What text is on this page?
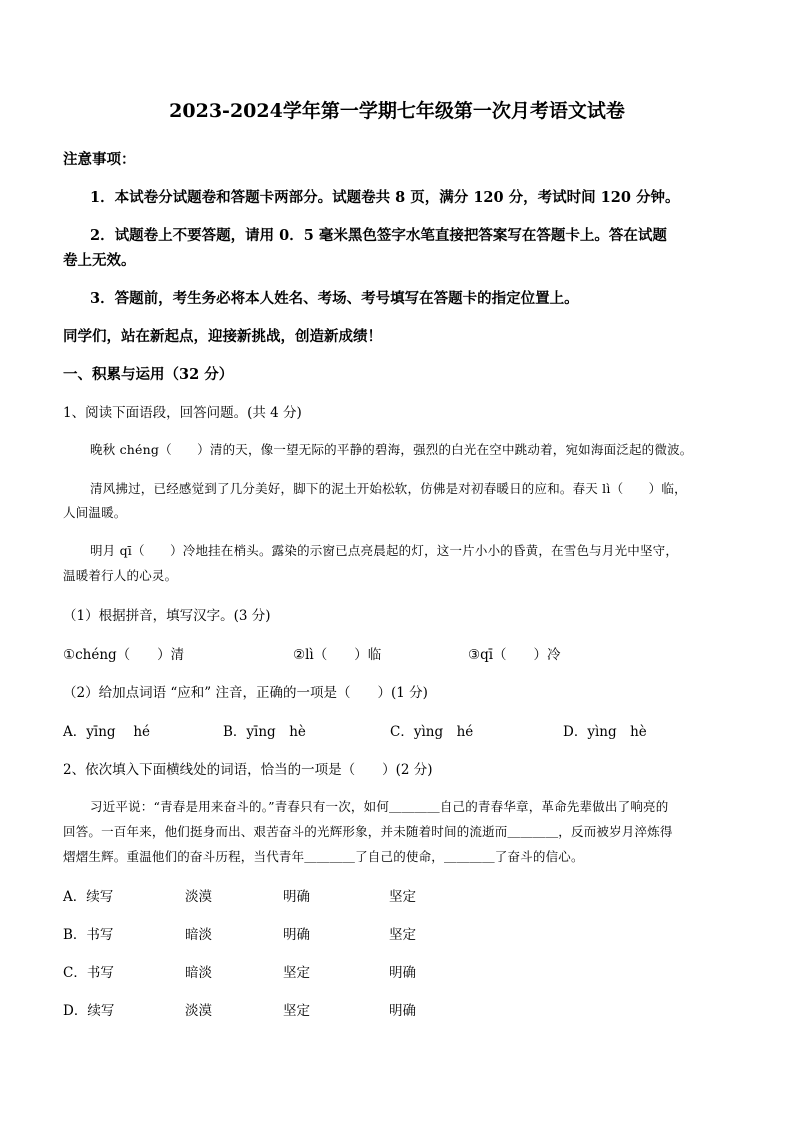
2023-2024学年第一学期七年级第一次月考语文试卷
注意事项：
1．本试卷分试题卷和答题卡两部分。试题卷共 8 页，满分 120 分，考试时间 120 分钟。
2．试题卷上不要答题，请用 0．5 毫米黑色签字水笔直接把答案写在答题卡上。答在试题
卷上无效。
3．答题前，考生务必将本人姓名、考场、考号填写在答题卡的指定位置上。
同学们，站在新起点，迎接新挑战，创造新成绩！
一、积累与运用（32 分）
1、阅读下面语段，回答问题。(共 4 分)
晚秋 chéng（　　）清的天，像一望无际的平静的碧海，强烈的白光在空中跳动着，宛如海面泛起的微波。
清风拂过，已经感觉到了几分美好，脚下的泥土开始松软，仿佛是对初春暖日的应和。春天 lì（　　）临，
人间温暖。
明月 qī（　　）冷地挂在梢头。露染的示窗已点亮晨起的灯，这一片小小的昏黄，在雪色与月光中坚守，
温暖着行人的心灵。
（1）根据拼音，填写汉字。(3 分)
①chéng（　　）清	②lì（　　）临	③qī（　　）冷
（2）给加点词语 “应和” 注音，正确的一项是（　　）(1 分)
A．yīng　 hé	B．yīng　hè	C．yìng　hé	D．yìng　hè
2、依次填入下面横线处的词语，恰当的一项是（　　）(2 分)
习近平说：“青春是用来奋斗的。”青春只有一次，如何＿＿＿＿自己的青春华章，革命先辈做出了响亮的
回答。一百年来，他们挺身而出、艰苦奋斗的光辉形象，并未随着时间的流逝而＿＿＿＿，反而被岁月淬炼得
熠熠生辉。重温他们的奋斗历程，当代青年＿＿＿＿了自己的使命，＿＿＿＿了奋斗的信心。
A．续写	淡漠	明确	坚定
B．书写	暗淡	明确	坚定
C．书写	暗淡	坚定	明确
D．续写	淡漠	坚定	明确
